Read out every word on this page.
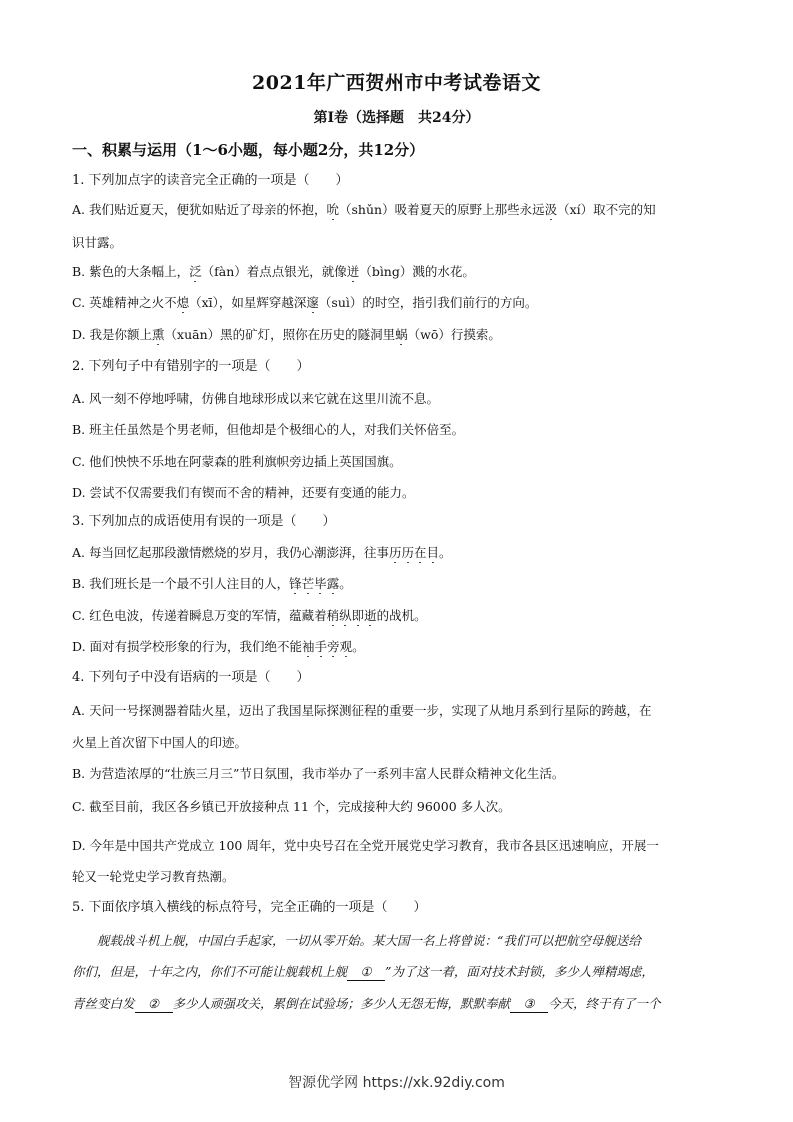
2021年广西贺州市中考试卷语文
第Ⅰ卷（选择题　共24分）
一、积累与运用（1～6小题，每小题2分，共12分）
1. 下列加点字的读音完全正确的一项是（　　）
A. 我们贴近夏天，便犹如贴近了母亲的怀抱，吮（shǔn）吸着夏天的原野上那些永远汲（xí）取不完的知
识甘露。
B. 紫色的大条幅上，泛（fàn）着点点银光，就像迸（bìng）溅的水花。
C. 英雄精神之火不熄（xī），如星辉穿越深邃（suì）的时空，指引我们前行的方向。
D. 我是你额上熏（xuān）黑的矿灯，照你在历史的隧洞里蜗（wō）行摸索。
2. 下列句子中有错别字的一项是（　　）
A. 风一刻不停地呼啸，仿佛自地球形成以来它就在这里川流不息。
B. 班主任虽然是个男老师，但他却是个极细心的人，对我们关怀倍至。
C. 他们怏怏不乐地在阿蒙森的胜利旗帜旁边插上英国国旗。
D. 尝试不仅需要我们有锲而不舍的精神，还要有变通的能力。
3. 下列加点的成语使用有误的一项是（　　）
A. 每当回忆起那段激情燃烧的岁月，我仍心潮澎湃，往事历历在目。
B. 我们班长是一个最不引人注目的人，锋芒毕露。
C. 红色电波，传递着瞬息万变的军情，蕴藏着稍纵即逝的战机。
D. 面对有损学校形象的行为，我们绝不能袖手旁观。
4. 下列句子中没有语病的一项是（　　）
A. 天问一号探测器着陆火星，迈出了我国星际探测征程的重要一步，实现了从地月系到行星际的跨越，在
火星上首次留下中国人的印迹。
B. 为营造浓厚的“壮族三月三”节日氛围，我市举办了一系列丰富人民群众精神文化生活。
C. 截至目前，我区各乡镇已开放接种点 11 个，完成接种大约 96000 多人次。
D. 今年是中国共产党成立 100 周年，党中央号召在全党开展党史学习教育，我市各县区迅速响应，开展一
轮又一轮党史学习教育热潮。
5. 下面依序填入横线的标点符号，完全正确的一项是（　　）
　　舰载战斗机上舰，中国白手起家，一切从零开始。某大国一名上将曾说：“我们可以把航空母舰送给
你们，但是，十年之内，你们不可能让舰载机上舰 ① ”为了这一着，面对技术封锁，多少人殚精竭虑，
青丝变白发 ② 多少人顽强攻关，累倒在试验场；多少人无怨无悔，默默奉献 ③ 今天，终于有了一个
智源优学网 https://xk.92diy.com
